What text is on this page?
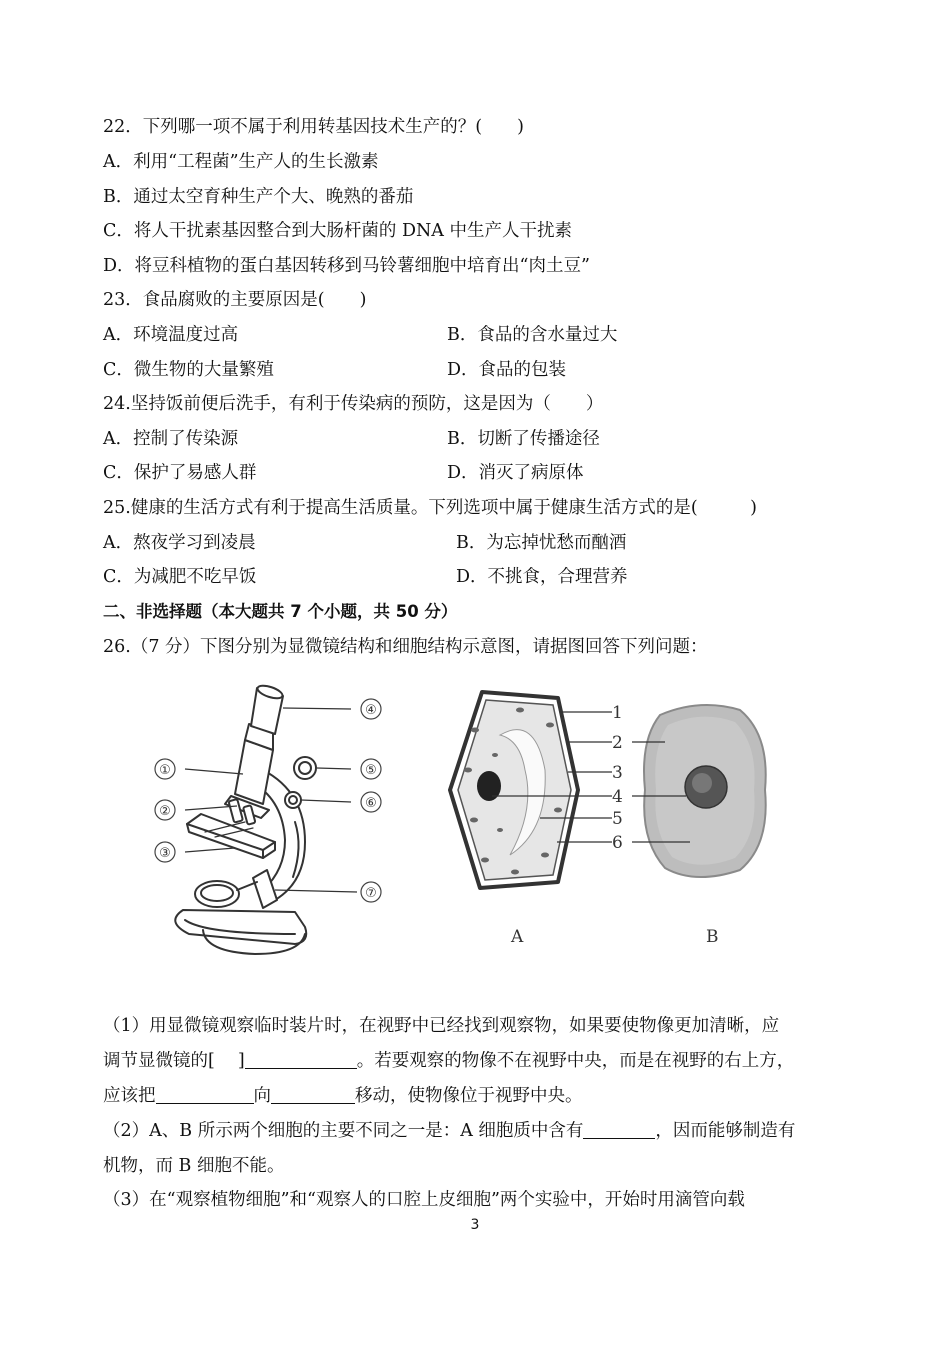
22．下列哪一项不属于利用转基因技术生产的？(　　)
A．利用“工程菌”生产人的生长激素
B．通过太空育种生产个大、晚熟的番茄
C．将人干扰素基因整合到大肠杆菌的 DNA 中生产人干扰素
D．将豆科植物的蛋白基因转移到马铃薯细胞中培育出“肉土豆”
23．食品腐败的主要原因是(　　)
A．环境温度过高	B．食品的含水量过大
C．微生物的大量繁殖	D．食品的包装
24.坚持饭前便后洗手，有利于传染病的预防，这是因为（　　）
A．控制了传染源	B．切断了传播途径
C．保护了易感人群	D．消灭了病原体
25.健康的生活方式有利于提高生活质量。下列选项中属于健康生活方式的是(　　　)
A．熬夜学习到凌晨	B．为忘掉忧愁而酗酒
C．为减肥不吃早饭	D．不挑食，合理营养
二、非选择题（本大题共 7 个小题，共 50 分）
26.（7 分）下图分别为显微镜结构和细胞结构示意图，请据图回答下列问题：
④
①	⑤
②
⑥
③
⑦
1
2
3
4
5
6
A	B
（1）用显微镜观察临时装片时，在视野中已经找到观察物，如果要使物像更加清晰，应
调节显微镜的[　 ]	。若要观察的物像不在视野中央，而是在视野的右上方，
应该把	向	移动，使物像位于视野中央。
（2）A、B 所示两个细胞的主要不同之一是：A 细胞质中含有	，因而能够制造有
机物，而 B 细胞不能。
（3）在“观察植物细胞”和“观察人的口腔上皮细胞”两个实验中，开始时用滴管向载
3
